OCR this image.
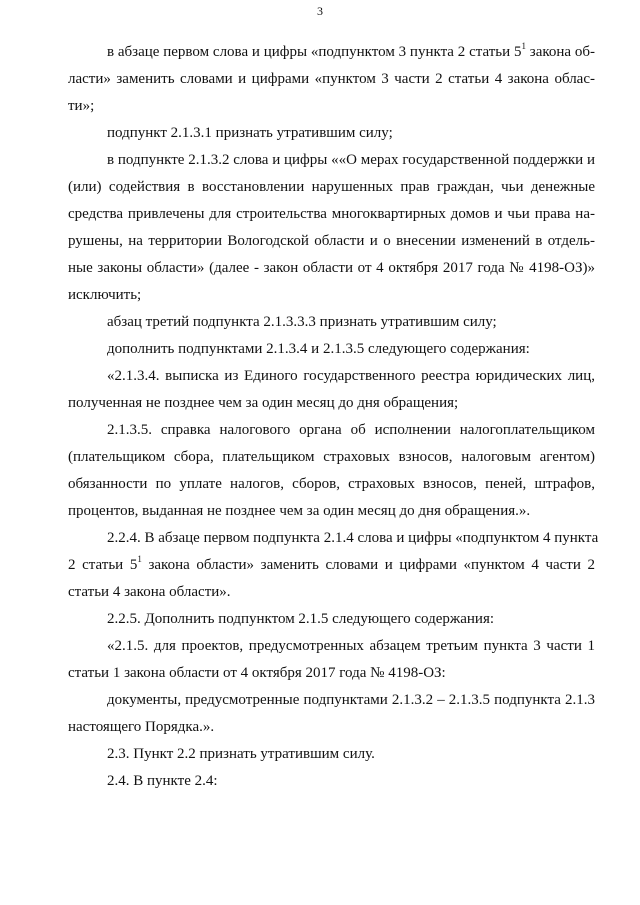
3
в абзаце первом слова и цифры «подпунктом 3 пункта 2 статьи $5^1$ закона об-
ласти» заменить словами и цифрами «пунктом 3 части 2 статьи 4 закона облас-
ти»;
подпункт 2.1.3.1 признать утратившим силу;
в подпункте 2.1.3.2 слова и цифры ««О мерах государственной поддержки и
(или) содействия в восстановлении нарушенных прав граждан, чьи денежные
средства привлечены для строительства многоквартирных домов и чьи права на-
рушены, на территории Вологодской области и о внесении изменений в отдель-
ные законы области» (далее - закон области от 4 октября 2017 года № 4198-ОЗ)»
исключить;
абзац третий подпункта 2.1.3.3.3 признать утратившим силу;
дополнить подпунктами 2.1.3.4 и 2.1.3.5 следующего содержания:
«2.1.3.4. выписка из Единого государственного реестра юридических лиц,
полученная не позднее чем за один месяц до дня обращения;
2.1.3.5. справка налогового органа об исполнении налогоплательщиком
(плательщиком сбора, плательщиком страховых взносов, налоговым агентом)
обязанности по уплате налогов, сборов, страховых взносов, пеней, штрафов,
процентов, выданная не позднее чем за один месяц до дня обращения.».
2.2.4. В абзаце первом подпункта 2.1.4 слова и цифры «подпунктом 4 пункта
2 статьи $5^1$ закона области» заменить словами и цифрами «пунктом 4 части 2
статьи 4 закона области».
2.2.5. Дополнить подпунктом 2.1.5 следующего содержания:
«2.1.5. для проектов, предусмотренных абзацем третьим пункта 3 части 1
статьи 1 закона области от 4 октября 2017 года № 4198-ОЗ:
документы, предусмотренные подпунктами 2.1.3.2 – 2.1.3.5 подпункта 2.1.3
настоящего Порядка.».
2.3. Пункт 2.2 признать утратившим силу.
2.4. В пункте 2.4:
